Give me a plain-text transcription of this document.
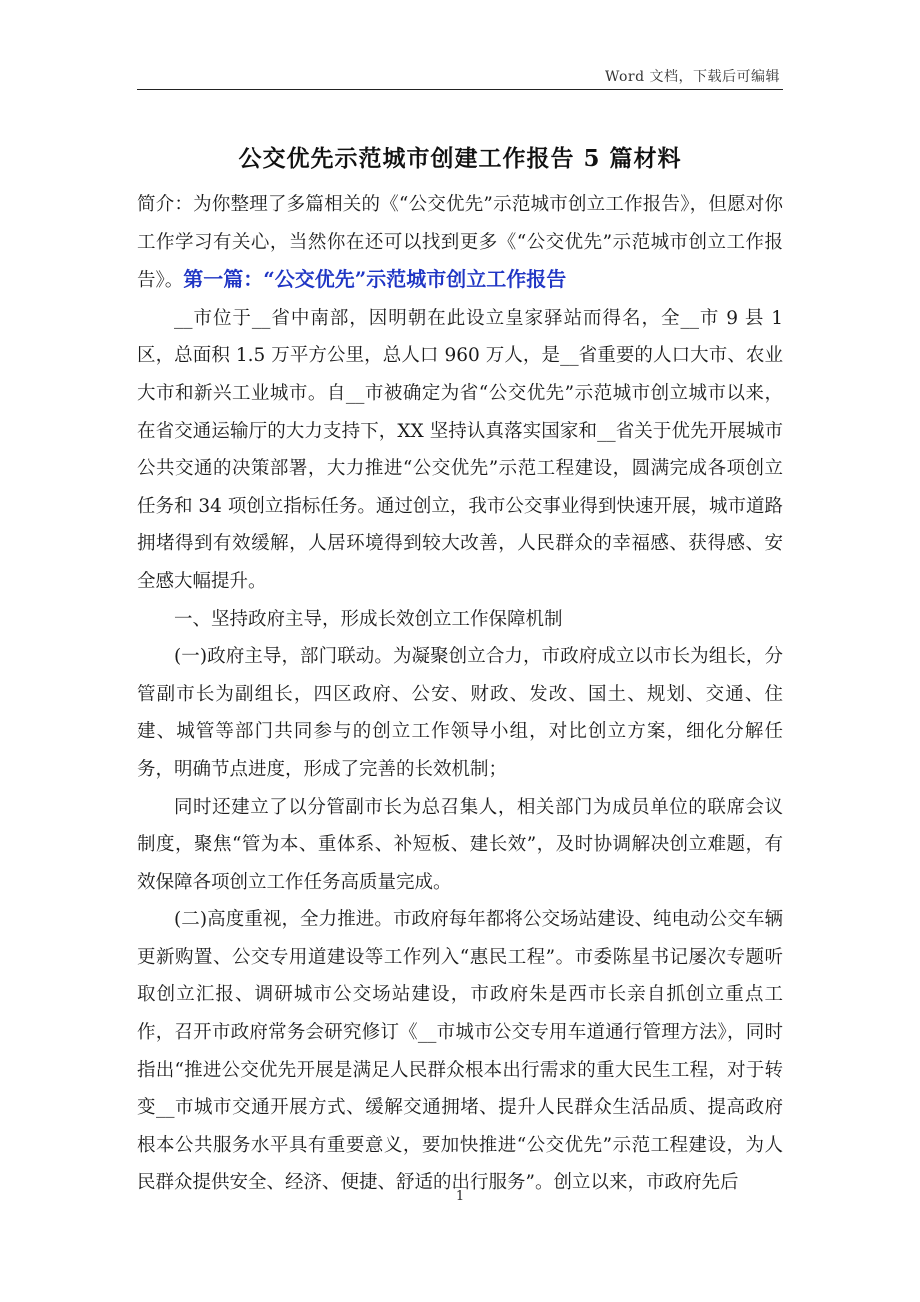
Word 文档，下载后可编辑
公交优先示范城市创建工作报告 5 篇材料

简介：为你整理了多篇相关的《“公交优先”示范城市创立工作报告》，但愿对你工作学习有关心，当然你在还可以找到更多《“公交优先”示范城市创立工作报告》。第一篇：“公交优先”示范城市创立工作报告

__市位于__省中南部，因明朝在此设立皇家驿站而得名，全__市 9 县 1 区，总面积 1.5 万平方公里，总人口 960 万人，是__省重要的人口大市、农业大市和新兴工业城市。自__市被确定为省“公交优先”示范城市创立城市以来，在省交通运输厅的大力支持下，XX 坚持认真落实国家和__省关于优先开展城市公共交通的决策部署，大力推进“公交优先”示范工程建设，圆满完成各项创立任务和 34 项创立指标任务。通过创立，我市公交事业得到快速开展，城市道路拥堵得到有效缓解，人居环境得到较大改善，人民群众的幸福感、获得感、安全感大幅提升。

一、坚持政府主导，形成长效创立工作保障机制

(一)政府主导，部门联动。为凝聚创立合力，市政府成立以市长为组长，分管副市长为副组长，四区政府、公安、财政、发改、国土、规划、交通、住建、城管等部门共同参与的创立工作领导小组，对比创立方案，细化分解任务，明确节点进度，形成了完善的长效机制；

同时还建立了以分管副市长为总召集人，相关部门为成员单位的联席会议制度，聚焦“管为本、重体系、补短板、建长效”，及时协调解决创立难题，有效保障各项创立工作任务高质量完成。

(二)高度重视，全力推进。市政府每年都将公交场站建设、纯电动公交车辆更新购置、公交专用道建设等工作列入“惠民工程”。市委陈星书记屡次专题听取创立汇报、调研城市公交场站建设，市政府朱是西市长亲自抓创立重点工作，召开市政府常务会研究修订《__市城市公交专用车道通行管理方法》，同时指出“推进公交优先开展是满足人民群众根本出行需求的重大民生工程，对于转变__市城市交通开展方式、缓解交通拥堵、提升人民群众生活品质、提高政府根本公共服务水平具有重要意义，要加快推进“公交优先”示范工程建设，为人民群众提供安全、经济、便捷、舒适的出行服务”。创立以来，市政府先后

1
